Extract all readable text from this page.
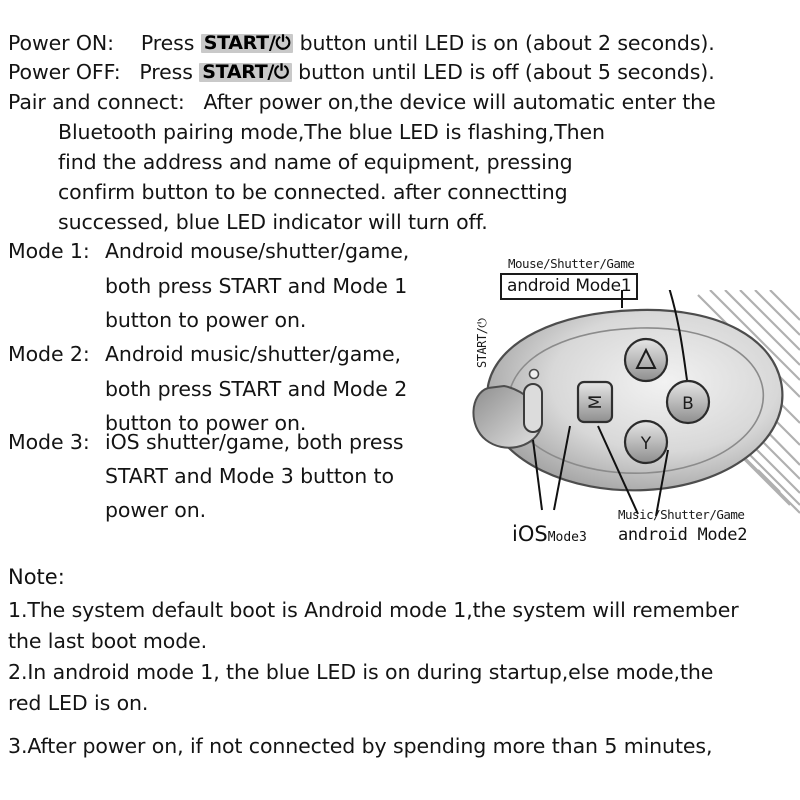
Power ON: Press START/⏻ button until LED is on (about 2 seconds).
Power OFF: Press START/⏻ button until LED is off (about 5 seconds).
Pair and connect: After power on,the device will automatic enter the
Bluetooth pairing mode,The blue LED is flashing,Then
find the address and name of equipment, pressing
confirm button to be connected. after connectting
successed, blue LED indicator will turn off.
Mode 1: Android mouse/shutter/game,
both press START and Mode 1
button to power on.
Mode 2: Android music/shutter/game,
both press START and Mode 2
button to power on.
Mode 3: iOS shutter/game, both press
START and Mode 3 button to
power on.
Mouse/Shutter/Game
android Mode1
M	B
Y
iOSMode3
Music/Shutter/Game
android Mode2
START/⏻
Note:
1.The system default boot is Android mode 1,the system will remember
the last boot mode.
2.In android mode 1, the blue LED is on during startup,else mode,the
red LED is on.
3.After power on, if not connected by spending more than 5 minutes,
